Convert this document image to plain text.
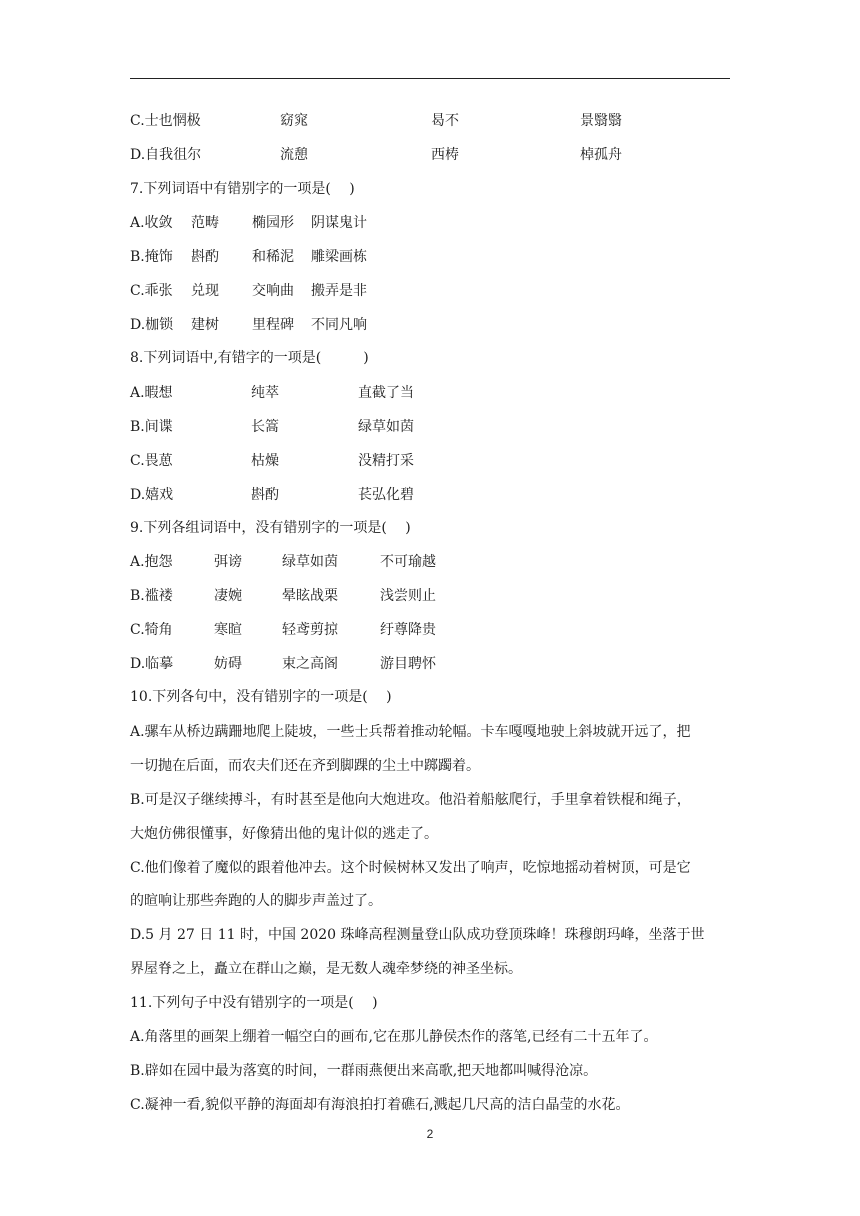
C.士也惘极	窈窕	曷不	景翳翳
D.自我徂尔	流憩	西梼	棹孤舟
7.下列词语中有错别字的一项是(　 )
A.收敛 范畴 椭园形 阴谋鬼计
B.掩饰 斟酌 和稀泥 雕梁画栋
C.乖张 兑现 交响曲 搬弄是非
D.枷锁 建树 里程碑 不同凡响
8.下列词语中,有错字的一项是(　　　)
A.暇想	纯萃	直截了当
B.间谍	长篙	绿草如茵
C.畏葸	枯燥	没精打采
D.嬉戏	斟酌	苌弘化碧
9.下列各组词语中，没有错别字的一项是(　 )
A.抱怨	弭谤	绿草如茵	不可瑜越
B.褴褛	凄婉	晕眩战栗	浅尝则止
C.犄角	寒暄	轻鸢剪掠	纡尊降贵
D.临摹	妨碍	束之高阁	游目聘怀
10.下列各句中，没有错别字的一项是(　 )
A.骡车从桥边蹒跚地爬上陡坡，一些士兵帮着推动轮幅。卡车嘎嘎地驶上斜坡就开远了，把
一切抛在后面，而农夫们还在齐到脚踝的尘土中踯躅着。
B.可是汉子继续搏斗，有时甚至是他向大炮进攻。他沿着船舷爬行，手里拿着铁棍和绳子，
大炮仿佛很懂事，好像猜出他的鬼计似的逃走了。
C.他们像着了魔似的跟着他冲去。这个时候树林又发出了响声，吃惊地摇动着树顶，可是它
的暄响让那些奔跑的人的脚步声盖过了。
D.5 月 27 日 11 时，中国 2020 珠峰高程测量登山队成功登顶珠峰！珠穆朗玛峰，坐落于世
界屋脊之上，矗立在群山之巅，是无数人魂牵梦绕的神圣坐标。
11.下列句子中没有错别字的一项是(　 )
A.角落里的画架上绷着一幅空白的画布,它在那儿静侯杰作的落笔,已经有二十五年了。
B.辟如在园中最为落寞的时间，一群雨燕便出来高歌,把天地都叫喊得沧凉。
C.凝神一看,貌似平静的海面却有海浪拍打着礁石,溅起几尺高的洁白晶莹的水花。
2
